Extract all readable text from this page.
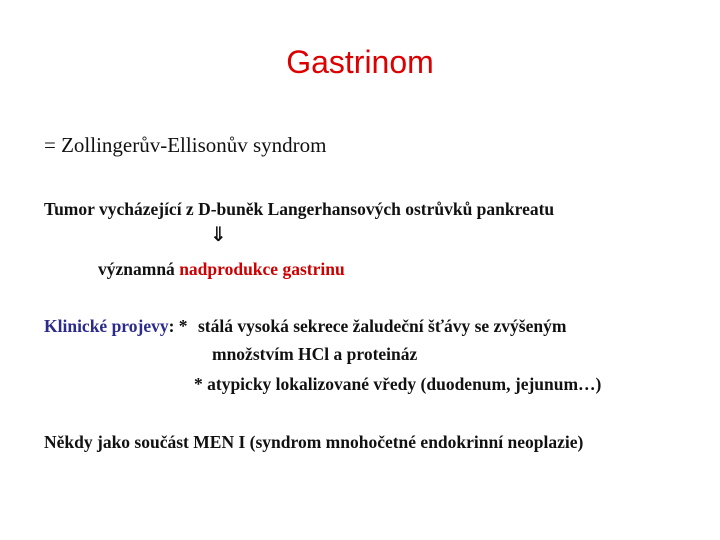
Gastrinom

= Zollingerův-Ellisonův syndrom

Tumor vycházející z D-buněk Langerhansových ostrůvků pankreatu

⇓

významná nadprodukce gastrinu

Klinické projevy: * stálá vysoká sekrece žaludeční šťávy se zvýšeným

množstvím HCl a proteináz

* atypicky lokalizované vředy (duodenum, jejunum…)

Někdy jako součást MEN I (syndrom mnohočetné endokrinní neoplazie)
